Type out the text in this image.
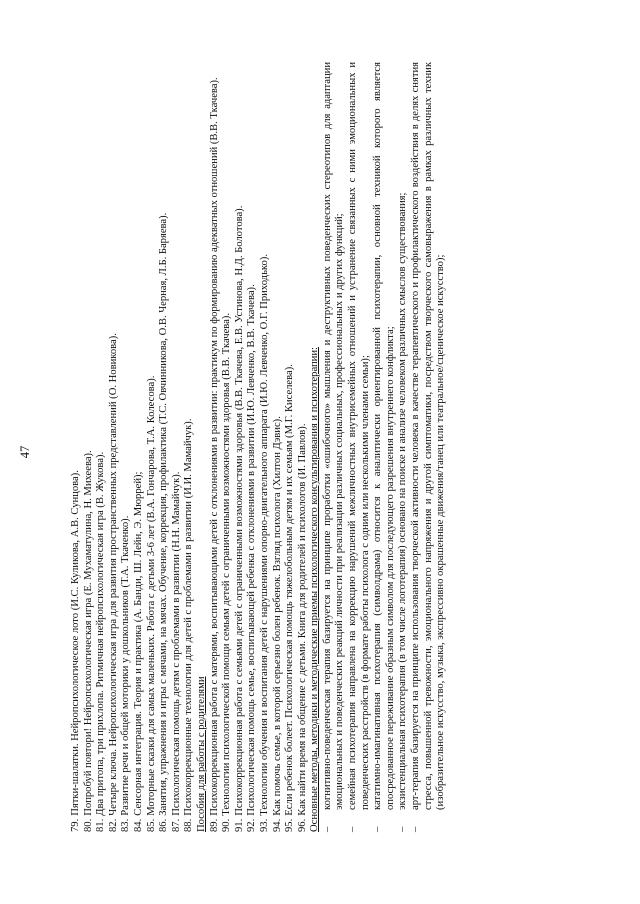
47

79.Пятки-шалатки. Нейропсихологическое лото (И.С. Куликова, А.В. Сунцова).

80.Попробуй повтори! Нейропсихологическая игра (Е. Мухаматулина, Н. Михеева).

81.Два притопа, три прихлопа. Ритмичная нейропсихологическая игра (В. Жукова).

82.Четыре ключа. Нейропсихологическая игра для развития пространственных представлений (О. Новикова).

83.Развитие речи и общей моторики у дошкольников (Т.А. Ткаченко).

84.Сенсорная интеграция. Теория и практика (А. Банди, Ш. Лейн, Э. Мюррей);

85.Моторные сказки для самых маленьких. Работа с детьми 3-6 лет (В.А. Гончарова, Т.А. Колесова).

86.Занятия, упражнения и игры с мячами, на мячах. Обучение, коррекция, профилактика (Т.С. Овчинникова, О.В. Черная, Л.Б. Баряева).

87.Психологическая помощь детям с проблемами в развитии (Н.Н. Мамайчук).

88.Психокоррекционные технологии для детей с проблемами в развитии (И.И. Мамайчук). Пособия для работы с родителями 89.Психокоррекционная работа с матерями, воспитывающими детей с отклонениями в развитии: практикум по формированию адекватных отношений (В.В. Ткачева).

90.Технологии психологической помощи семьям детей с ограниченными возможностями здоровья (В.В. Ткачева).

91.Психокоррекционная работа с семьями детей с ограниченными возможностями здоровья (В.В. Ткачева, Е.В. Устинова, Н.Д. Болотова).

92.Психологическая помощь семье, воспитывающей ребенка с отклонениями в развитии (И.Ю. Левченко, В.В. Ткачева).

93.Технологии обучения и воспитания детей с нарушениями опорно-двигательного аппарата (И.Ю. Левченко, О.Г. Приходько).

94.Как помочь семье, в которой серьезно болен ребенок. Взгляд психолога (Хилтон Дэвис).

95.Если ребенок болеет. Психологическая помощь тяжелобольным детям и их семьям (М.Г. Киселева).

96.Как найти время на общение с детьми. Книга для родителей и психологов (И. Павлов). Основные методы, методики и методические приемы психологического консультирования и психотерапии: –
когнитивно-поведенческая терапия базируется на принципе проработки «ошибочного» мышления и деструктивных поведенческих стереотипов для адаптации эмоциональных и поведенческих реакций личности при реализации различных социальных, профессиональных и других функций;
–
семейная психотерапия направлена на коррекцию нарушений межличностных внутрисемейных отношений и устранение связанных с ними эмоциональных и поведенческих расстройств (в формате работы психолога с одним или несколькими членами семьи);
–
кататимно-имагинативная психотерапия (символдрама) относится к аналитически ориентированной психотерапии, основной техникой которого является опосредованное переживание образным символом для последующего разрешения внутреннего конфликта;
–
экзистенциальная психотерапия (в том числе логотерапия) основано на поиске и анализе человеком различных смыслов существования;
–
арт-терапия базируется на принципе использования творческой активности человека в качестве терапевтического и профилактического воздействия в делях снятия стресса, повышенной тревожности, эмоционального напряжения и другой симптоматики, посредством творческого самовыражения в рамках различных техник (изобразительное искусство, музыка, экспрессивно окрашенные движения/танец или театральное/сценическое искусство);
